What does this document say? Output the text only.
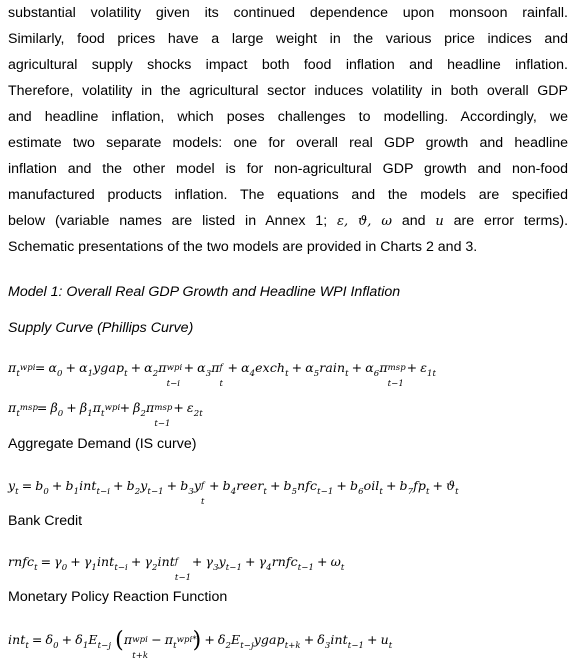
substantial volatility given its continued dependence upon monsoon rainfall.
Similarly, food prices have a large weight in the various price indices and
agricultural supply shocks impact both food inflation and headline inflation.
Therefore, volatility in the agricultural sector induces volatility in both overall GDP
and headline inflation, which poses challenges to modelling. Accordingly, we
estimate two separate models: one for overall real GDP growth and headline
inflation and the other model is for non-agricultural GDP growth and non-food
manufactured products inflation. The equations and the models are specified
below (variable names are listed in Annex 1; ε, ϑ, ω and u are error terms).
Schematic presentations of the two models are provided in Charts 2 and 3.
Model 1: Overall Real GDP Growth and Headline WPI Inflation
Supply Curve (Phillips Curve)
$\pi_t$
wpi = $\alpha_0$ + $\alpha_1ygap_t + \alpha_2\pi$ wpi
t−i
+ $\alpha_3\pi$ f
t
+ $\alpha_4exch_t$ + $\alpha_5rain_t + \alpha_6\pi$ msp
t−1
+ $\varepsilon_{1t}$
$\pi_t$
msp
= $\beta_0 + \beta_1\pi_t$
wpi + $\beta_2\pi$ msp
t−1
+ $\varepsilon_{2t}$
Aggregate Demand (IS curve)
$y_t = b_0 + b_1int_{t-i} + b_2y_{t-1} + b_3y$ f
t
+ $b_4reer_t + b_5nfc_{t-1} + b_6oil_t + b_7fp_t + ϑ_t$
Bank Credit
rnfc$_t$ = $\gamma_0 + \gamma_1int_{t-i} + \gamma_2int$ f
t−1
+ $\gamma_3y_{t-1}$ + $\gamma_4rnfc_{t-1} + \omega_t$
Monetary Policy Reaction Function
$int_t = \delta_0 + \delta_1E_{t-j}$ (π wpi
t+k
− $\pi_t$
wpi*
) + $\delta_2E_{t-j}ygap_{t+k} + \delta_3int_{t-1} + u_t$
